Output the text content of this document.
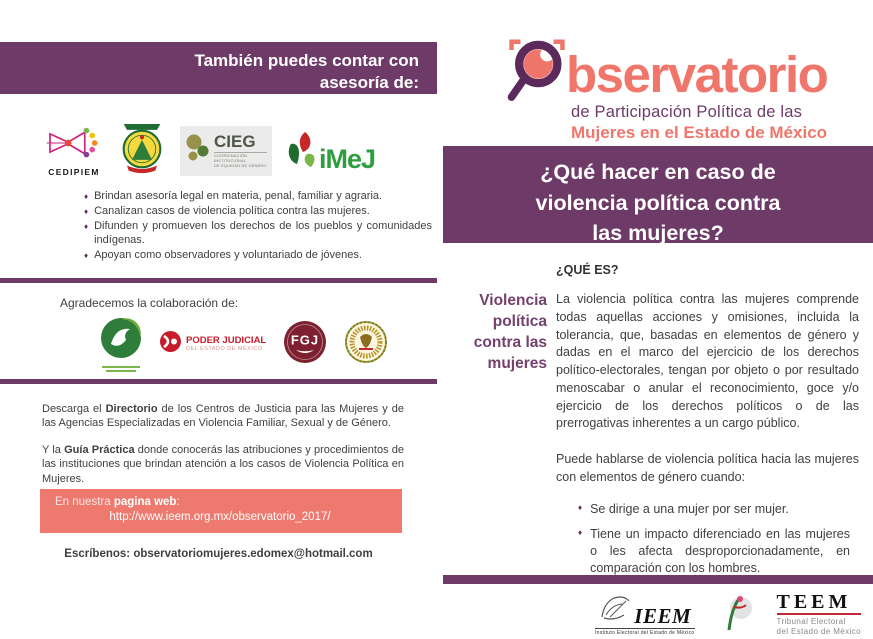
También puedes contar con
asesoría de:
CEDIPIEM
CIEG
COORDINACIÓN INSTITUCIONAL
DE EQUIDAD DE GÉNERO iMeJ
♦ Brindan asesoría legal en materia, penal, familiar y agraria.
♦ Canalizan casos de violencia política contra las mujeres.
♦ Difunden y promueven los derechos de los pueblos y comunidades indígenas.
♦ Apoyan como observadores y voluntariado de jóvenes.
Agradecemos la colaboración de:
PODER JUDICIAL
DEL ESTADO DE MÉXICO
FGJ

Descarga el Directorio de los Centros de Justicia para las Mujeres y de las Agencias Especializadas en Violencia Familiar, Sexual y de Género.

Y la Guía Práctica donde conocerás las atribuciones y procedimientos de las instituciones que brindan atención a los casos de Violencia Política en Mujeres.

En nuestra pagina web:
http://www.ieem.org.mx/observatorio_2017/
Escríbenos: observatoriomujeres.edomex@hotmail.com
bservatorio
de Participación Política de las
Mujeres en el Estado de México
¿Qué hacer en caso de
violencia política contra
las mujeres?
¿QUÉ ES?
Violencia
política
contra las
mujeres

La violencia política contra las mujeres comprende todas aquellas acciones y omisiones, incluida la tolerancia, que, basadas en elementos de género y dadas en el marco del ejercicio de los derechos político-electorales, tengan por objeto o por resultado menoscabar o anular el reconocimiento, goce y/o ejercicio de los derechos políticos o de las prerrogativas inherentes a un cargo público.

Puede hablarse de violencia política hacia las mujeres con elementos de género cuando:

♦ Se dirige a una mujer por ser mujer.
♦ Tiene un impacto diferenciado en las mujeres o les afecta desproporcionadamente, en comparación con los hombres.
IEEM
Instituto Electoral del Estado de México
TEEM
Tribunal Electoral
del Estado de México
